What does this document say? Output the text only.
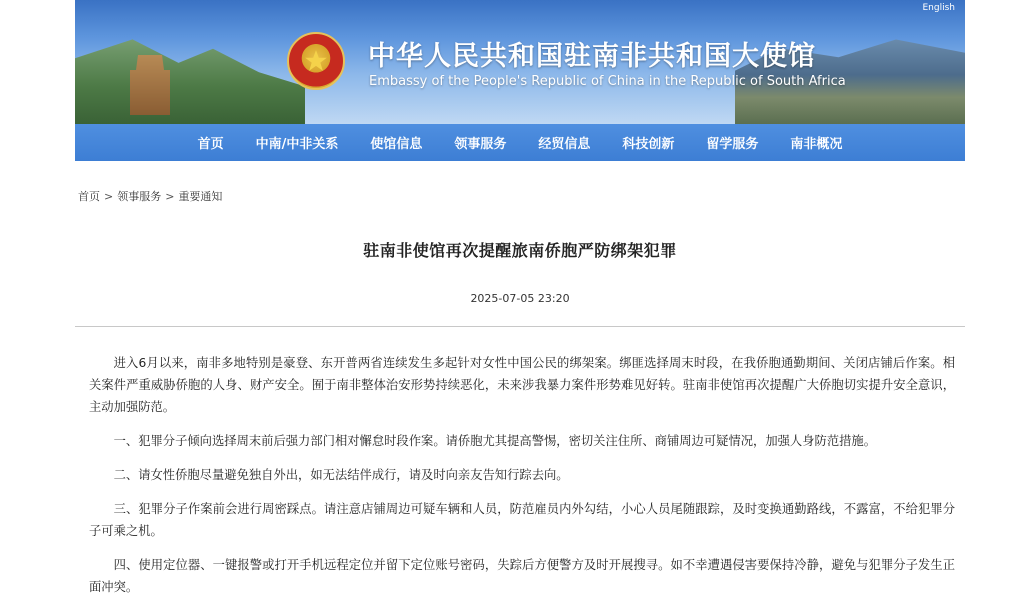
中华人民共和国驻南非共和国大使馆
Embassy of the People's Republic of China in the Republic of South Africa
English
首页 中南/中非关系 使馆信息 领事服务 经贸信息 科技创新 留学服务 南非概况
首页 > 领事服务 > 重要通知
驻南非使馆再次提醒旅南侨胞严防绑架犯罪
2025-07-05 23:20

进入6月以来，南非多地特别是豪登、东开普两省连续发生多起针对女性中国公民的绑架案。绑匪选择周末时段，在我侨胞通勤期间、关闭店铺后作案。相关案件严重威胁侨胞的人身、财产安全。囿于南非整体治安形势持续恶化，未来涉我暴力案件形势难见好转。驻南非使馆再次提醒广大侨胞切实提升安全意识，主动加强防范。

一、犯罪分子倾向选择周末前后强力部门相对懈怠时段作案。请侨胞尤其提高警惕，密切关注住所、商铺周边可疑情况，加强人身防范措施。

二、请女性侨胞尽量避免独自外出，如无法结伴成行，请及时向亲友告知行踪去向。

三、犯罪分子作案前会进行周密踩点。请注意店铺周边可疑车辆和人员，防范雇员内外勾结，小心人员尾随跟踪，及时变换通勤路线，不露富，不给犯罪分子可乘之机。

四、使用定位器、一键报警或打开手机远程定位并留下定位账号密码，失踪后方便警方及时开展搜寻。如不幸遭遇侵害要保持冷静，避免与犯罪分子发生正面冲突。
